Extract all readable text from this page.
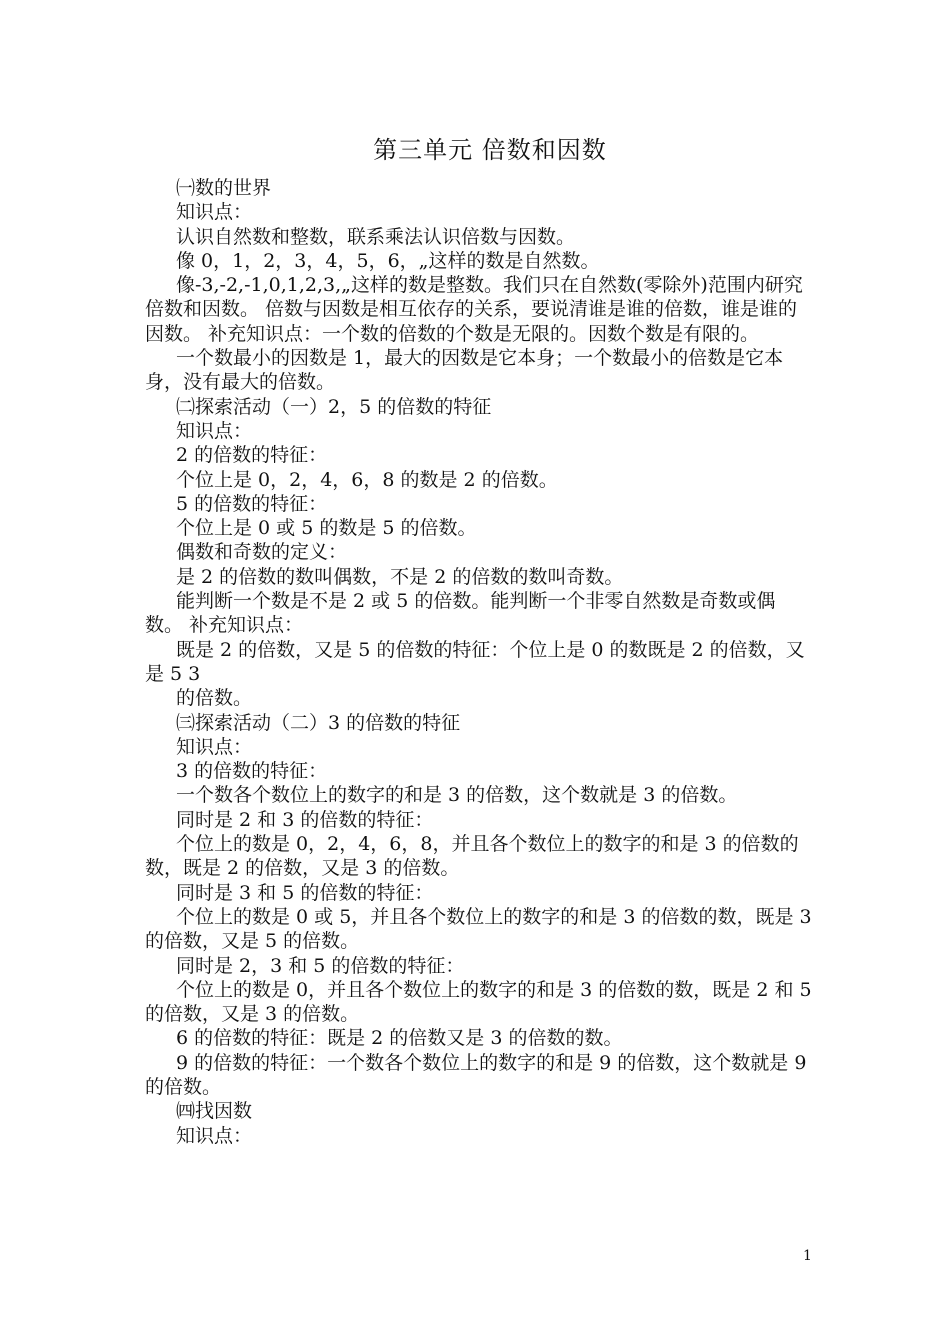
第三单元 倍数和因数

㈠数的世界

知识点：

认识自然数和整数，联系乘法认识倍数与因数。

像 0，1，2，3，4，5，6，„这样的数是自然数。

像-3,-2,-1,0,1,2,3,„这样的数是整数。我们只在自然数(零除外)范围内研究倍数和因数。 倍数与因数是相互依存的关系，要说清谁是谁的倍数，谁是谁的因数。 补充知识点：一个数的倍数的个数是无限的。因数个数是有限的。

一个数最小的因数是 1，最大的因数是它本身；一个数最小的倍数是它本身，没有最大的倍数。

㈡探索活动（一）2，5 的倍数的特征

知识点：

2 的倍数的特征：

个位上是 0，2，4，6，8 的数是 2 的倍数。

5 的倍数的特征：

个位上是 0 或 5 的数是 5 的倍数。

偶数和奇数的定义：

是 2 的倍数的数叫偶数，不是 2 的倍数的数叫奇数。

能判断一个数是不是 2 或 5 的倍数。能判断一个非零自然数是奇数或偶数。 补充知识点：

既是 2 的倍数，又是 5 的倍数的特征：个位上是 0 的数既是 2 的倍数，又是 5 3

的倍数。

㈢探索活动（二）3 的倍数的特征

知识点：

3 的倍数的特征：

一个数各个数位上的数字的和是 3 的倍数，这个数就是 3 的倍数。

同时是 2 和 3 的倍数的特征：

个位上的数是 0，2，4，6，8，并且各个数位上的数字的和是 3 的倍数的数，既是 2 的倍数，又是 3 的倍数。

同时是 3 和 5 的倍数的特征：

个位上的数是 0 或 5，并且各个数位上的数字的和是 3 的倍数的数，既是 3 的倍数，又是 5 的倍数。

同时是 2，3 和 5 的倍数的特征：

个位上的数是 0，并且各个数位上的数字的和是 3 的倍数的数，既是 2 和 5 的倍数，又是 3 的倍数。

6 的倍数的特征：既是 2 的倍数又是 3 的倍数的数。

9 的倍数的特征：一个数各个数位上的数字的和是 9 的倍数，这个数就是 9 的倍数。

㈣找因数

知识点：

1
